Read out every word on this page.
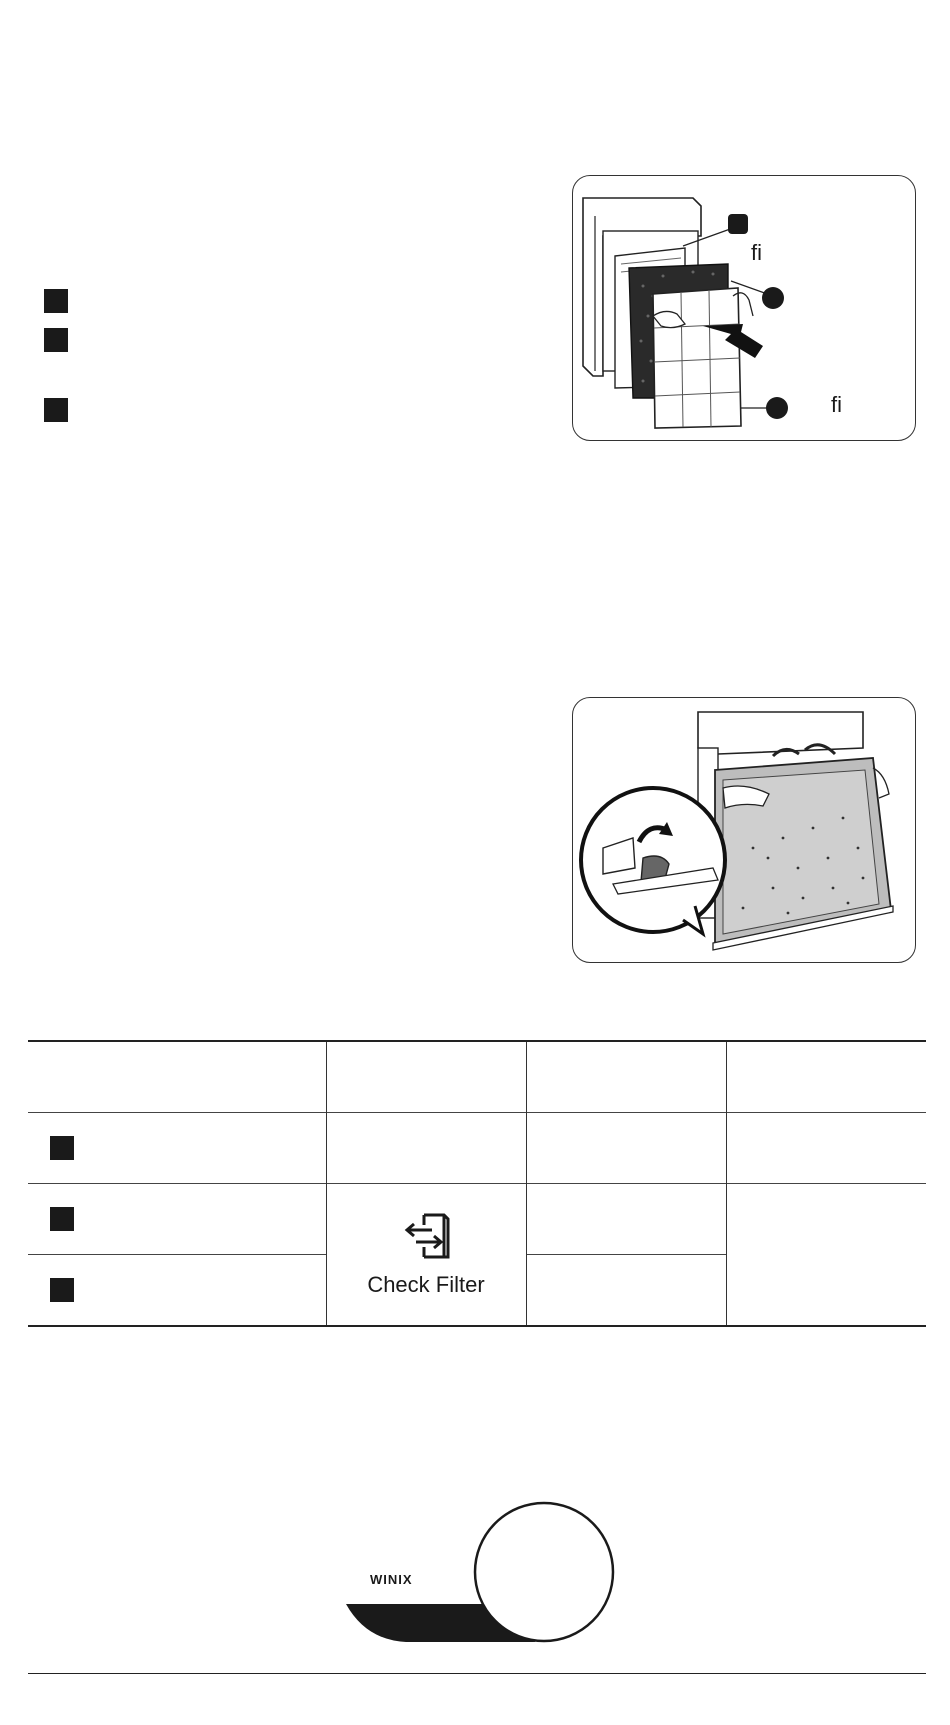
ﬁ
ﬁ

	Check Filter		

WINIX
